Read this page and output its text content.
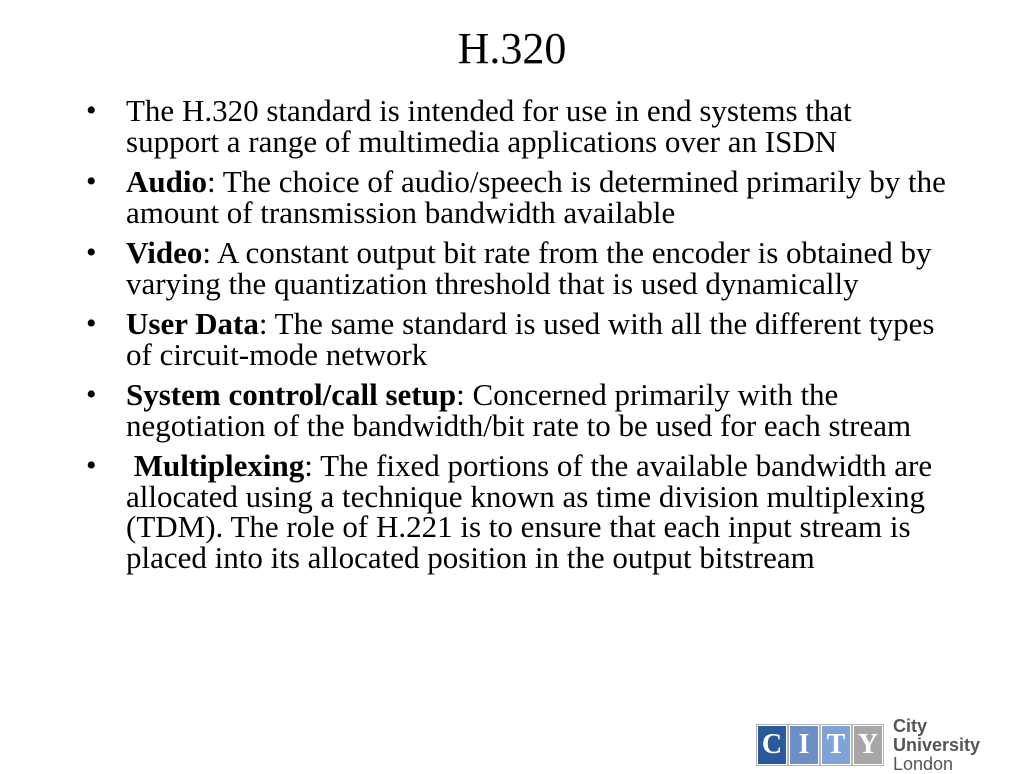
H.320
• The H.320 standard is intended for use in end systems that support a range of multimedia applications over an ISDN
• Audio: The choice of audio/speech is determined primarily by the amount of transmission bandwidth available
• Video: A constant output bit rate from the encoder is obtained by varying the quantization threshold that is used dynamically
• User Data: The same standard is used with all the different types of circuit-mode network
• System control/call setup: Concerned primarily with the negotiation of the bandwidth/bit rate to be used for each stream
• Multiplexing: The fixed portions of the available bandwidth are allocated using a technique known as time division multiplexing (TDM). The role of H.221 is to ensure that each input stream is placed into its allocated position in the output bitstream
C I T Y
City University
London
